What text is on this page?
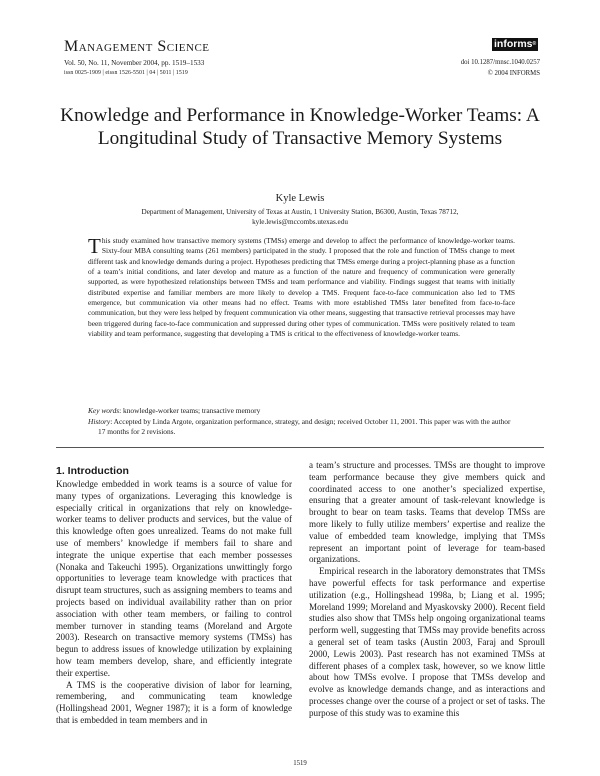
Management Science
Vol. 50, No. 11, November 2004, pp. 1519–1533
issn 0025-1909 | eissn 1526-5501 | 04 | 5011 | 1519
informs®
doi 10.1287/mnsc.1040.0257
© 2004 INFORMS
Knowledge and Performance in Knowledge-Worker Teams: A Longitudinal Study of Transactive Memory Systems
Kyle Lewis
Department of Management, University of Texas at Austin, 1 University Station, B6300, Austin, Texas 78712,
kyle.lewis@mccombs.utexas.edu
This study examined how transactive memory systems (TMSs) emerge and develop to affect the performance of knowledge-worker teams. Sixty-four MBA consulting teams (261 members) participated in the study. I proposed that the role and function of TMSs change to meet different task and knowledge demands during a project. Hypotheses predicting that TMSs emerge during a project-planning phase as a function of a team’s initial conditions, and later develop and mature as a function of the nature and frequency of communication were generally supported, as were hypothesized relationships between TMSs and team performance and viability. Findings suggest that teams with initially distributed expertise and familiar members are more likely to develop a TMS. Frequent face-to-face communication also led to TMS emergence, but communication via other means had no effect. Teams with more established TMSs later benefited from face-to-face communication, but they were less helped by frequent communication via other means, suggesting that transactive retrieval processes may have been triggered during face-to-face communication and suppressed during other types of communication. TMSs were positively related to team viability and team performance, suggesting that developing a TMS is critical to the effectiveness of knowledge-worker teams.
Key words: knowledge-worker teams; transactive memory
History: Accepted by Linda Argote, organization performance, strategy, and design; received October 11, 2001. This paper was with the author 17 months for 2 revisions.
1. Introduction

Knowledge embedded in work teams is a source of value for many types of organizations. Leveraging this knowledge is especially critical in organizations that rely on knowledge-worker teams to deliver products and services, but the value of this knowledge often goes unrealized. Teams do not make full use of members’ knowledge if members fail to share and integrate the unique expertise that each member possesses (Nonaka and Takeuchi 1995). Organizations unwittingly forgo opportunities to leverage team knowledge with practices that disrupt team structures, such as assigning members to teams and projects based on individual availability rather than on prior association with other team members, or failing to control member turnover in standing teams (Moreland and Argote 2003). Research on transactive memory systems (TMSs) has begun to address issues of knowledge utilization by explaining how team members develop, share, and efficiently integrate their expertise.

A TMS is the cooperative division of labor for learning, remembering, and communicating team knowledge (Hollingshead 2001, Wegner 1987); it is a form of knowledge that is embedded in team members and in

a team’s structure and processes. TMSs are thought to improve team performance because they give members quick and coordinated access to one another’s specialized expertise, ensuring that a greater amount of task-relevant knowledge is brought to bear on team tasks. Teams that develop TMSs are more likely to fully utilize members’ expertise and realize the value of embedded team knowledge, implying that TMSs represent an important point of leverage for team-based organizations.

Empirical research in the laboratory demonstrates that TMSs have powerful effects for task performance and expertise utilization (e.g., Hollingshead 1998a, b; Liang et al. 1995; Moreland 1999; Moreland and Myaskovsky 2000). Recent field studies also show that TMSs help ongoing organizational teams perform well, suggesting that TMSs may provide benefits across a general set of team tasks (Austin 2003, Faraj and Sproull 2000, Lewis 2003). Past research has not examined TMSs at different phases of a complex task, however, so we know little about how TMSs evolve. I propose that TMSs develop and evolve as knowledge demands change, and as interactions and processes change over the course of a project or set of tasks. The purpose of this study was to examine this

1519
